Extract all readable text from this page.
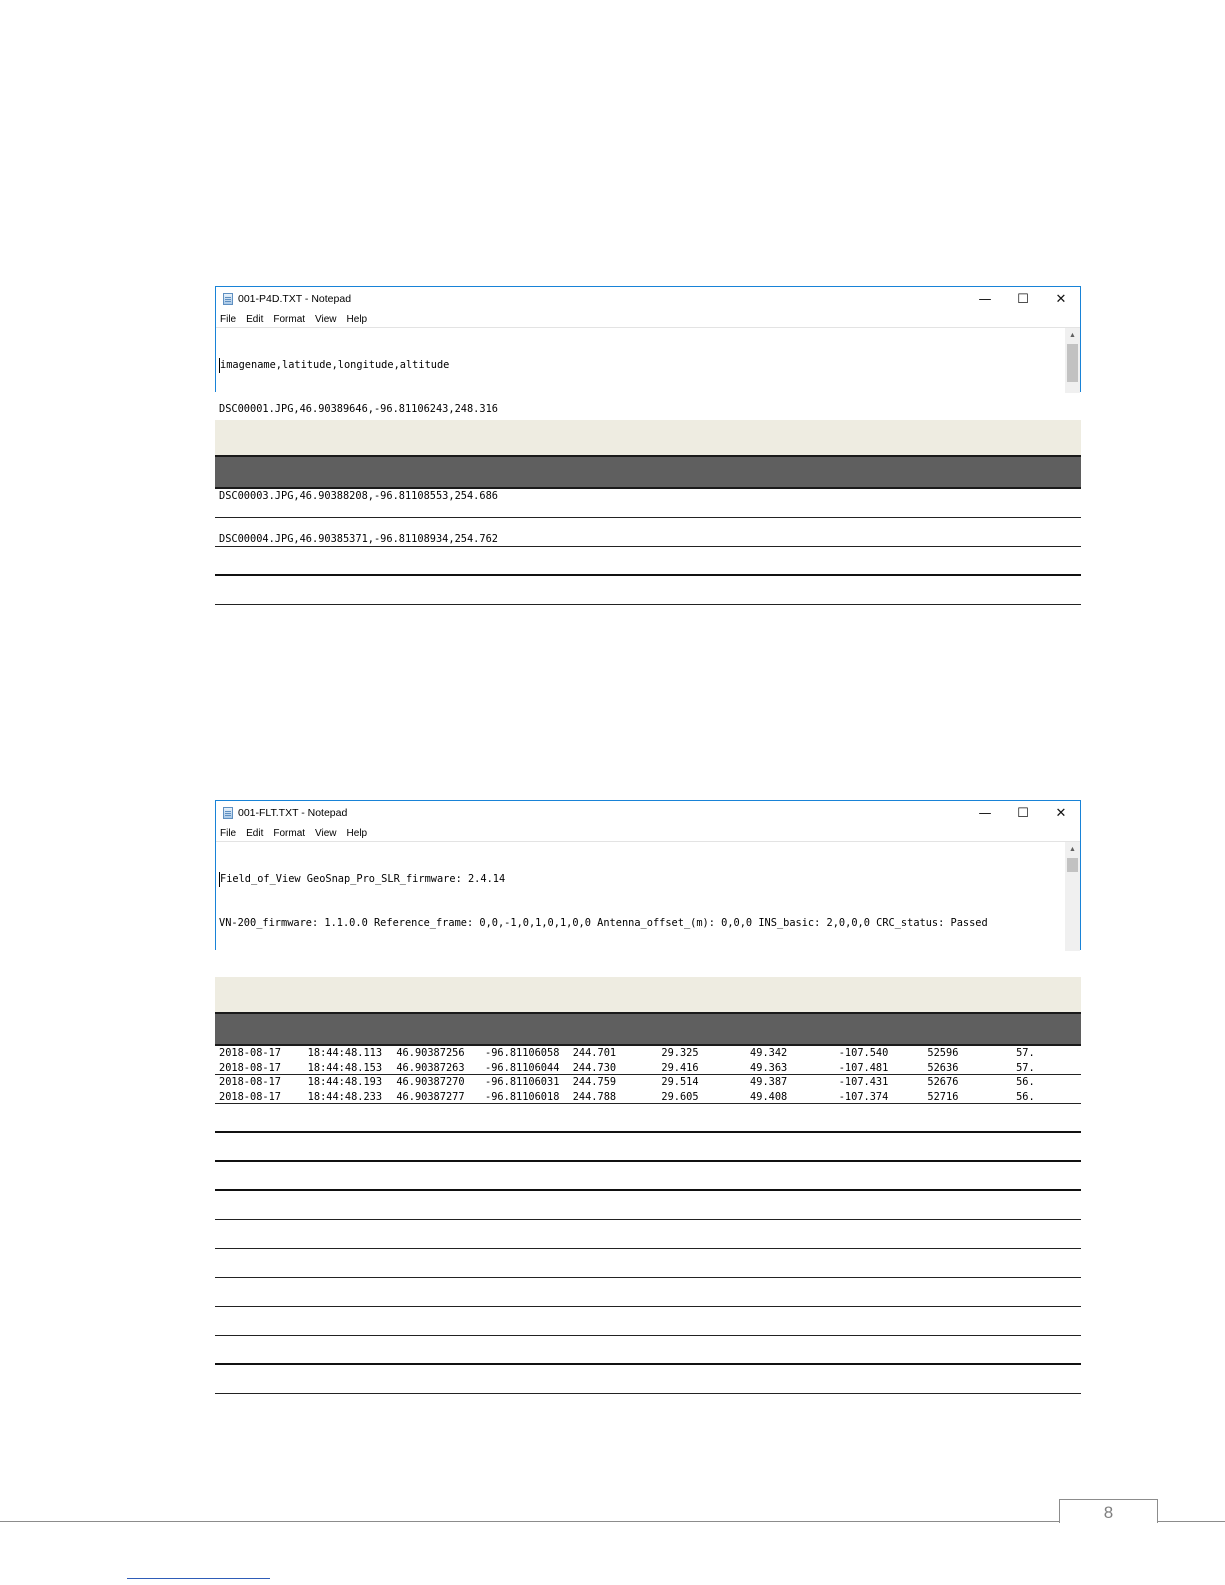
001-P4D.TXT - Notepad	—	☐	✕
File Edit Format View Help

imagename,latitude,longitude,altitude

DSC00001.JPG,46.90389646,-96.81106243,248.316

DSC00003.JPG,46.90388208,-96.81108553,254.686

DSC00004.JPG,46.90385371,-96.81108934,254.762

▲
001-FLT.TXT - Notepad	—	☐	✕
File Edit Format View Help

Field_of_View GeoSnap_Pro_SLR_firmware: 2.4.14

VN-200_firmware: 1.1.0.0 Reference_frame: 0,0,-1,0,1,0,1,0,0 Antenna_offset_(m): 0,0,0 INS_basic: 2,0,0,0 CRC_status: Passed

2018-08-17	18:44:48.113	46.90387256	-96.81106058	244.701	29.325	49.342	-107.540	52596	57.
2018-08-17	18:44:48.153	46.90387263	-96.81106044	244.730	29.416	49.363	-107.481	52636	57.
2018-08-17	18:44:48.193	46.90387270	-96.81106031	244.759	29.514	49.387	-107.431	52676	56.
2018-08-17	18:44:48.233	46.90387277	-96.81106018	244.788	29.605	49.408	-107.374	52716	56.

▲
8
